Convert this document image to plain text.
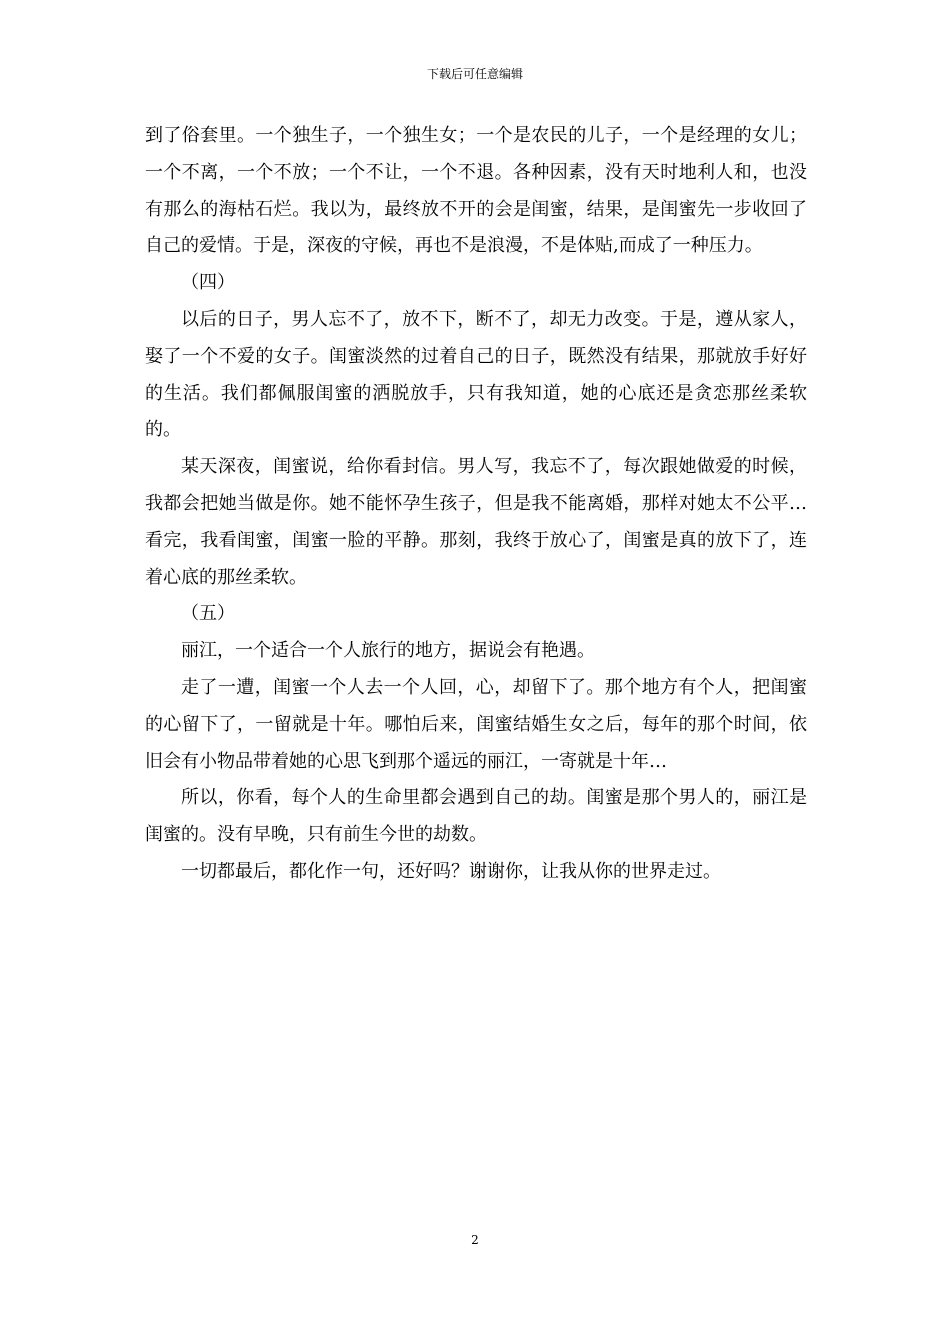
下载后可任意编辑

到了俗套里。一个独生子，一个独生女；一个是农民的儿子，一个是经理的女儿；一个不离，一个不放；一个不让，一个不退。各种因素，没有天时地利人和，也没有那么的海枯石烂。我以为，最终放不开的会是闺蜜，结果，是闺蜜先一步收回了自己的爱情。于是，深夜的守候，再也不是浪漫，不是体贴,而成了一种压力。

（四）

以后的日子，男人忘不了，放不下，断不了，却无力改变。于是，遵从家人，娶了一个不爱的女子。闺蜜淡然的过着自己的日子，既然没有结果，那就放手好好的生活。我们都佩服闺蜜的洒脱放手，只有我知道，她的心底还是贪恋那丝柔软的。

某天深夜，闺蜜说，给你看封信。男人写，我忘不了，每次跟她做爱的时候，我都会把她当做是你。她不能怀孕生孩子，但是我不能离婚，那样对她太不公平…看完，我看闺蜜，闺蜜一脸的平静。那刻，我终于放心了，闺蜜是真的放下了，连着心底的那丝柔软。

（五）

丽江，一个适合一个人旅行的地方，据说会有艳遇。

走了一遭，闺蜜一个人去一个人回，心，却留下了。那个地方有个人，把闺蜜的心留下了，一留就是十年。哪怕后来，闺蜜结婚生女之后，每年的那个时间，依旧会有小物品带着她的心思飞到那个遥远的丽江，一寄就是十年…

所以，你看，每个人的生命里都会遇到自己的劫。闺蜜是那个男人的，丽江是闺蜜的。没有早晚，只有前生今世的劫数。

一切都最后，都化作一句，还好吗？谢谢你，让我从你的世界走过。

2
